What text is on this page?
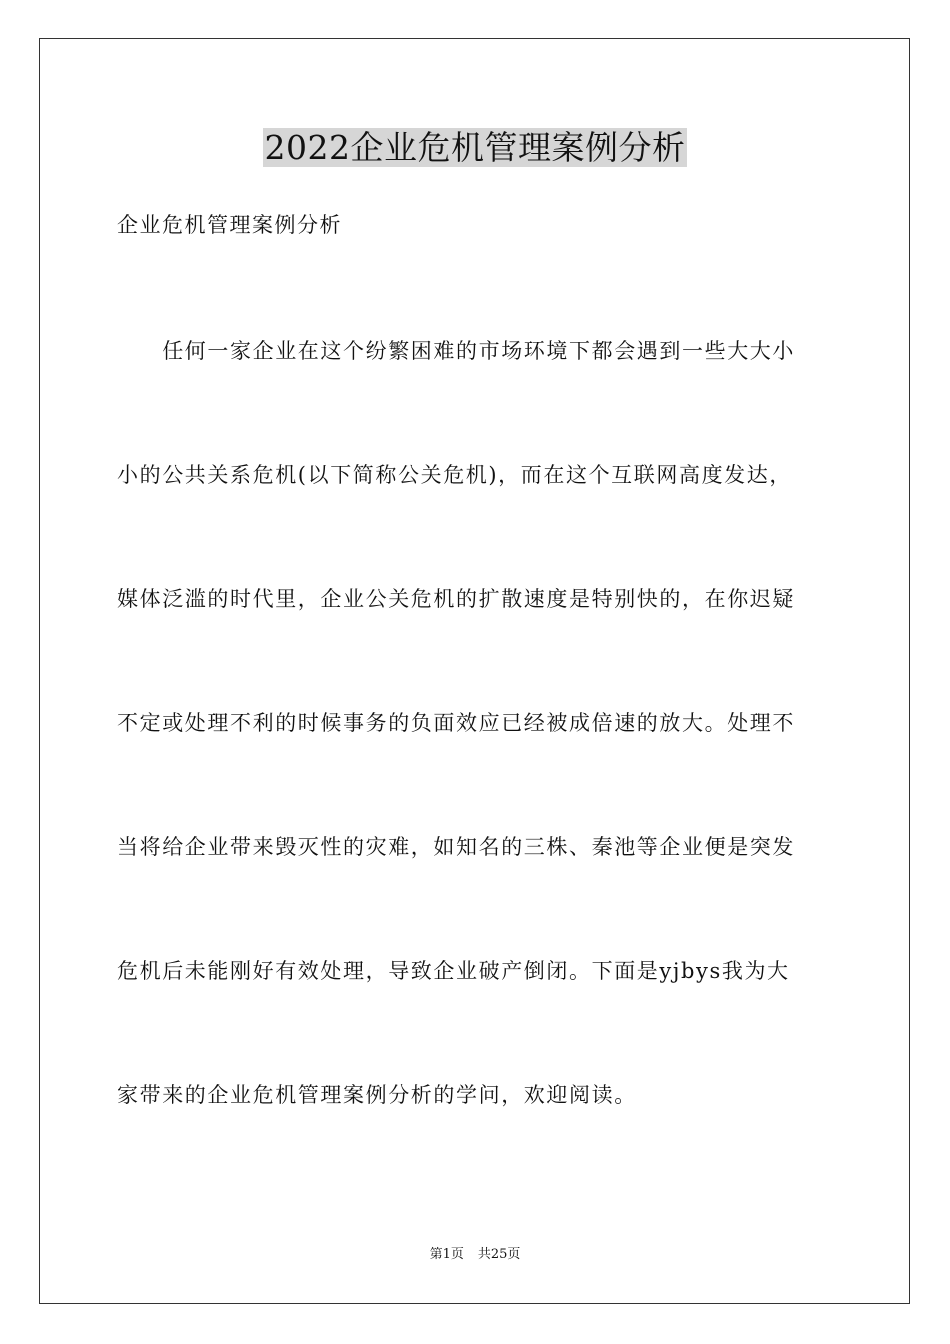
2022企业危机管理案例分析
企业危机管理案例分析
　　任何一家企业在这个纷繁困难的市场环境下都会遇到一些大大小
小的公共关系危机(以下简称公关危机)，而在这个互联网高度发达，
媒体泛滥的时代里，企业公关危机的扩散速度是特别快的，在你迟疑
不定或处理不利的时候事务的负面效应已经被成倍速的放大。处理不
当将给企业带来毁灭性的灾难，如知名的三株、秦池等企业便是突发
危机后未能刚好有效处理，导致企业破产倒闭。下面是yjbys我为大
家带来的企业危机管理案例分析的学问，欢迎阅读。
第1页 共25页
